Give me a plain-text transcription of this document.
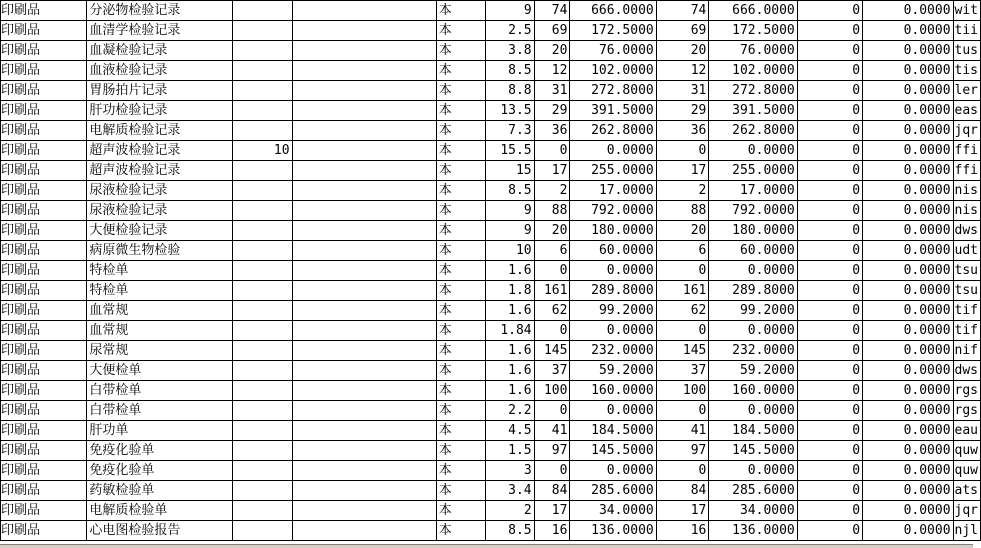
印刷品	分泌物检验记录			本	9	74	666.0000	74	666.0000	0	0.0000	wit
印刷品	血清学检验记录			本	2.5	69	172.5000	69	172.5000	0	0.0000	tii
印刷品	血凝检验记录			本	3.8	20	76.0000	20	76.0000	0	0.0000	tus
印刷品	血液检验记录			本	8.5	12	102.0000	12	102.0000	0	0.0000	tis
印刷品	胃肠拍片记录			本	8.8	31	272.8000	31	272.8000	0	0.0000	ler
印刷品	肝功检验记录			本	13.5	29	391.5000	29	391.5000	0	0.0000	eas
印刷品	电解质检验记录			本	7.3	36	262.8000	36	262.8000	0	0.0000	jqr
印刷品	超声波检验记录	10		本	15.5	0	0.0000	0	0.0000	0	0.0000	ffi
印刷品	超声波检验记录			本	15	17	255.0000	17	255.0000	0	0.0000	ffi
印刷品	尿液检验记录			本	8.5	2	17.0000	2	17.0000	0	0.0000	nis
印刷品	尿液检验记录			本	9	88	792.0000	88	792.0000	0	0.0000	nis
印刷品	大便检验记录			本	9	20	180.0000	20	180.0000	0	0.0000	dws
印刷品	病原微生物检验			本	10	6	60.0000	6	60.0000	0	0.0000	udt
印刷品	特检单			本	1.6	0	0.0000	0	0.0000	0	0.0000	tsu
印刷品	特检单			本	1.8	161	289.8000	161	289.8000	0	0.0000	tsu
印刷品	血常规			本	1.6	62	99.2000	62	99.2000	0	0.0000	tif
印刷品	血常规			本	1.84	0	0.0000	0	0.0000	0	0.0000	tif
印刷品	尿常规			本	1.6	145	232.0000	145	232.0000	0	0.0000	nif
印刷品	大便检单			本	1.6	37	59.2000	37	59.2000	0	0.0000	dws
印刷品	白带检单			本	1.6	100	160.0000	100	160.0000	0	0.0000	rgs
印刷品	白带检单			本	2.2	0	0.0000	0	0.0000	0	0.0000	rgs
印刷品	肝功单			本	4.5	41	184.5000	41	184.5000	0	0.0000	eau
印刷品	免疫化验单			本	1.5	97	145.5000	97	145.5000	0	0.0000	quw
印刷品	免疫化验单			本	3	0	0.0000	0	0.0000	0	0.0000	quw
印刷品	药敏检验单			本	3.4	84	285.6000	84	285.6000	0	0.0000	ats
印刷品	电解质检验单			本	2	17	34.0000	17	34.0000	0	0.0000	jqr
印刷品	心电图检验报告			本	8.5	16	136.0000	16	136.0000	0	0.0000	njl
